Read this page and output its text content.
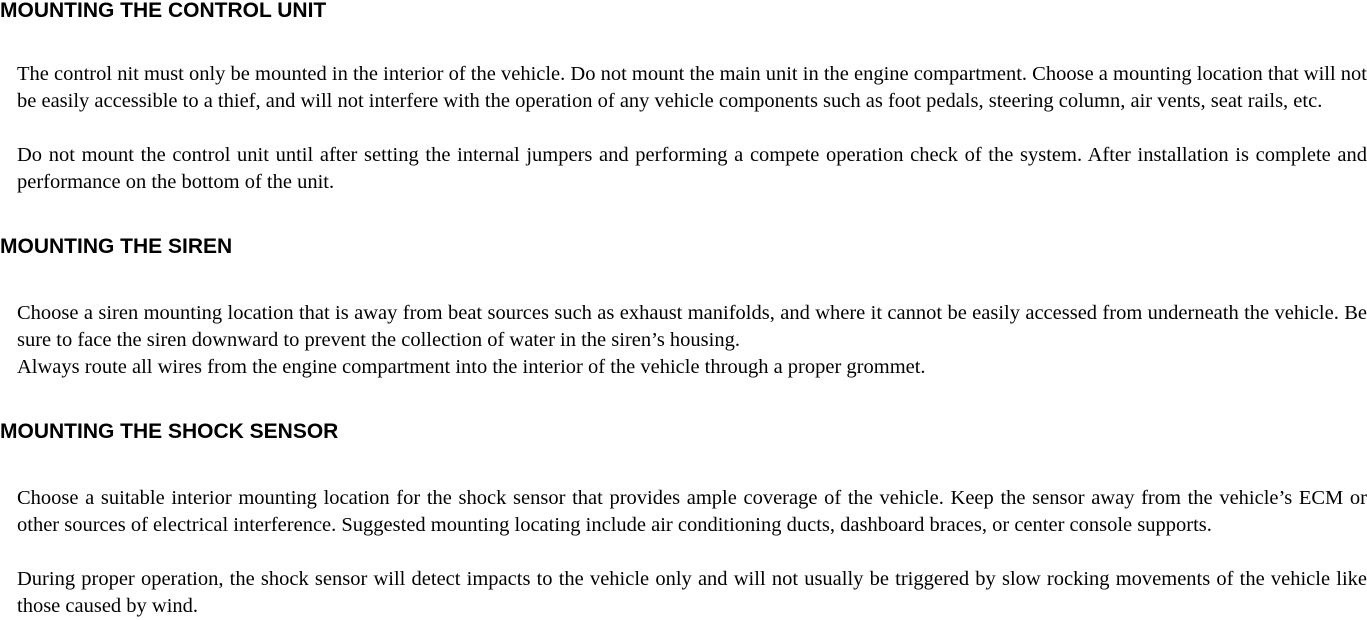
MOUNTING THE CONTROL UNIT

The control nit must only be mounted in the interior of the vehicle. Do not mount the main unit in the engine compartment. Choose a mounting location that will not be easily accessible to a thief, and will not interfere with the operation of any vehicle components such as foot pedals, steering column, air vents, seat rails, etc.

Do not mount the control unit until after setting the internal jumpers and performing a compete operation check of the system. After installation is complete and performance on the bottom of the unit.

MOUNTING THE SIREN

Choose a siren mounting location that is away from beat sources such as exhaust manifolds, and where it cannot be easily accessed from underneath the vehicle. Be sure to face the siren downward to prevent the collection of water in the siren’s housing.

Always route all wires from the engine compartment into the interior of the vehicle through a proper grommet.

MOUNTING THE SHOCK SENSOR

Choose a suitable interior mounting location for the shock sensor that provides ample coverage of the vehicle. Keep the sensor away from the vehicle’s ECM or other sources of electrical interference. Suggested mounting locating include air conditioning ducts, dashboard braces, or center console supports.

During proper operation, the shock sensor will detect impacts to the vehicle only and will not usually be triggered by slow rocking movements of the vehicle like those caused by wind.
